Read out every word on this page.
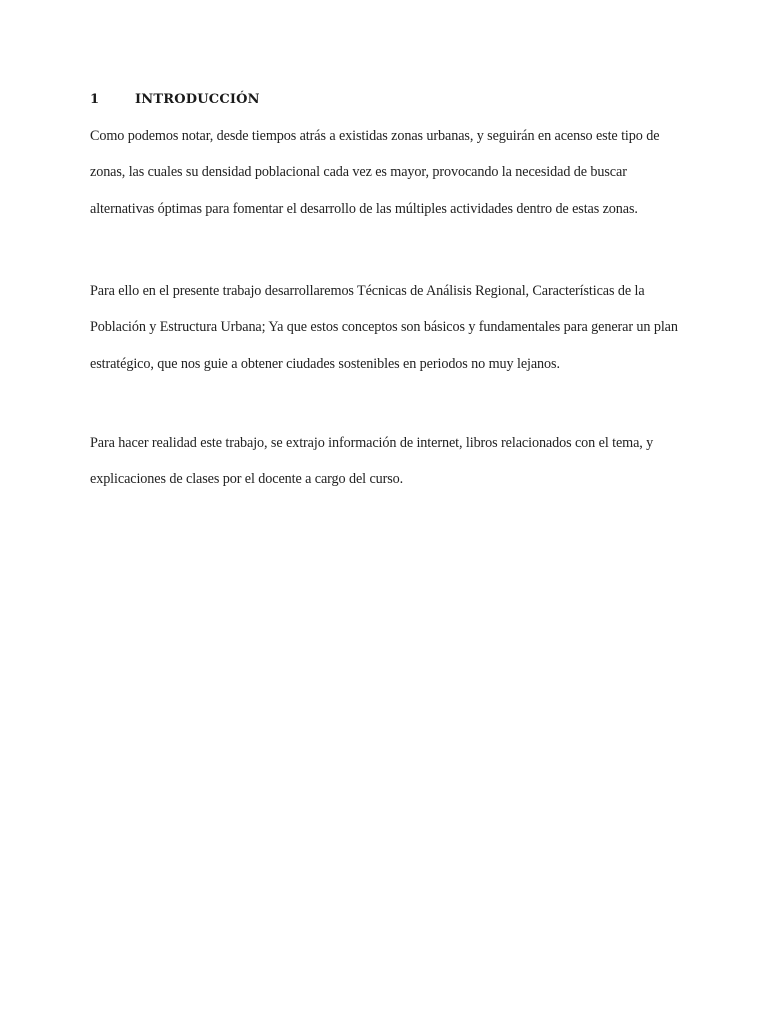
1	INTRODUCCIÓN

Como podemos notar, desde tiempos atrás a existidas zonas urbanas, y seguirán en acenso este tipo de zonas, las cuales su densidad poblacional cada vez es mayor, provocando la necesidad de buscar alternativas óptimas para fomentar el desarrollo de las múltiples actividades dentro de estas zonas.

Para ello en el presente trabajo desarrollaremos Técnicas de Análisis Regional, Características de la Población y Estructura Urbana; Ya que estos conceptos son básicos y fundamentales para generar un plan estratégico, que nos guie a obtener ciudades sostenibles en periodos no muy lejanos.

Para hacer realidad este trabajo, se extrajo información de internet, libros relacionados con el tema, y explicaciones de clases por el docente a cargo del curso.
